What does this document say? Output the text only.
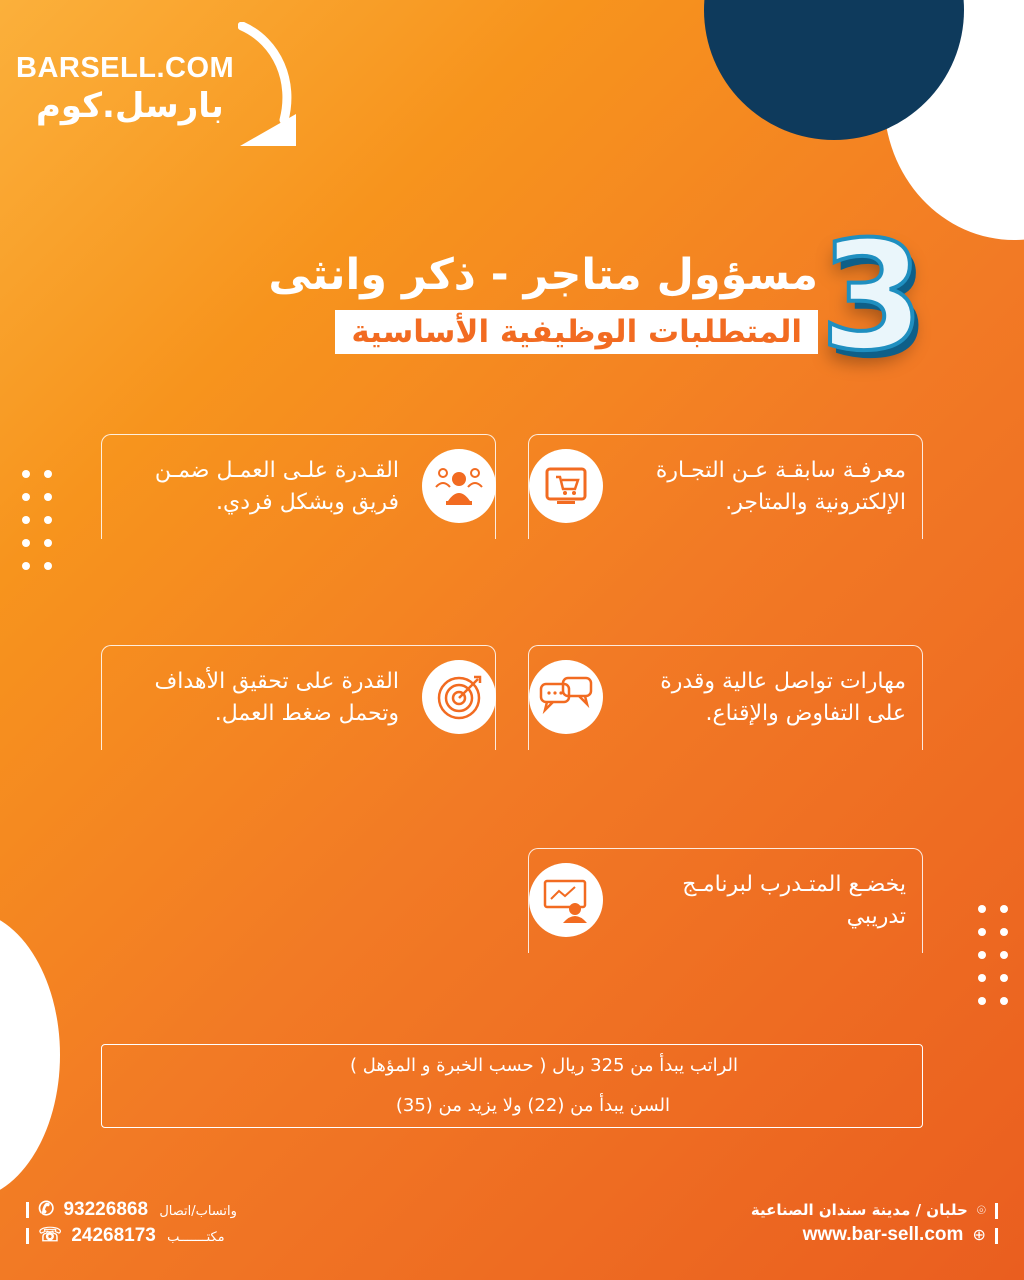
BARSELL.COM
بارسل.كوم
3
مسؤول متاجر - ذكر وانثى
المتطلبات الوظيفية الأساسية
معرفـة سابقـة عـن التجـارة
الإلكترونية والمتاجر.
القـدرة علـى العمـل ضمـن
فريق وبشكل فردي.
مهارات تواصل عالية وقدرة
على التفاوض والإقناع.
القدرة على تحقيق الأهداف
وتحمل ضغط العمل.
يخضـع المتـدرب لبرنامـج
تدريبي
الراتب يبدأ من 325 ريال ( حسب الخبرة و المؤهل )
السن يبدأ من (22) ولا يزيد من (35)
✆ 93226868 واتساب/اتصال
☏ 24268173 مكتـــــــب
⌾ حلبان / مدينة سندان الصناعية
⊕ www.bar-sell.com
